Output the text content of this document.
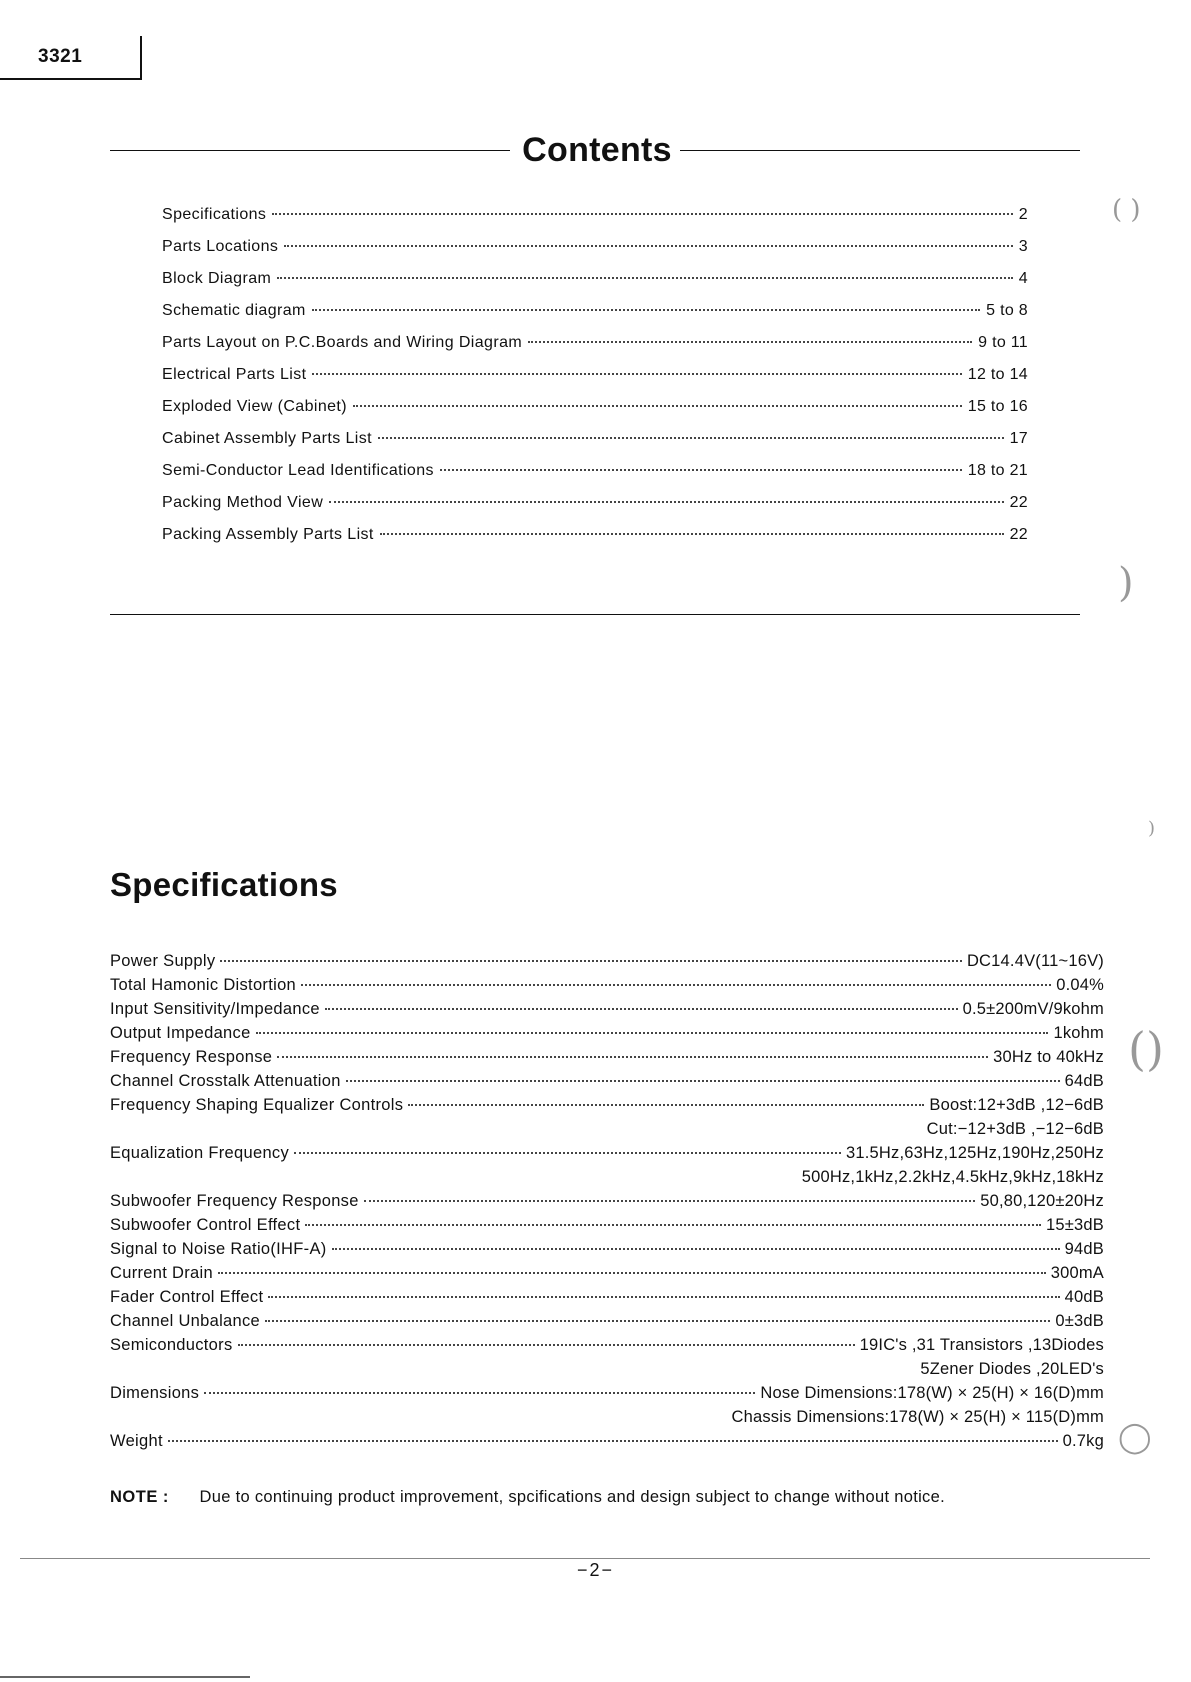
3321
Contents
Specifications	2
Parts Locations	3
Block Diagram	4
Schematic diagram	5 to 8
Parts Layout on P.C.Boards and Wiring Diagram	9 to 11
Electrical Parts List	12 to 14
Exploded View (Cabinet)	15 to 16
Cabinet Assembly Parts List	17
Semi-Conductor Lead Identifications	18 to 21
Packing Method View	22
Packing Assembly Parts List	22
Specifications
Power Supply	DC14.4V(11~16V)
Total Hamonic Distortion	0.04%
Input Sensitivity/Impedance	0.5±200mV/9kohm
Output Impedance	1kohm
Frequency Response	30Hz to 40kHz
Channel Crosstalk Attenuation	64dB
Frequency Shaping Equalizer Controls	Boost:12+3dB ,12−6dB
Cut:−12+3dB ,−12−6dB
Equalization Frequency	31.5Hz,63Hz,125Hz,190Hz,250Hz
500Hz,1kHz,2.2kHz,4.5kHz,9kHz,18kHz
Subwoofer Frequency Response	50,80,120±20Hz
Subwoofer Control Effect	15±3dB
Signal to Noise Ratio(IHF-A)	94dB
Current Drain	300mA
Fader Control Effect	40dB
Channel Unbalance	0±3dB
Semiconductors	19IC's ,31 Transistors ,13Diodes
5Zener Diodes ,20LED's
Dimensions	Nose Dimensions:178(W) × 25(H) × 16(D)mm
Chassis Dimensions:178(W) × 25(H) × 115(D)mm
Weight	0.7kg
NOTE : Due to continuing product improvement, spcifications and design subject to change without notice.
−2−
( )
)
)
()
◯
